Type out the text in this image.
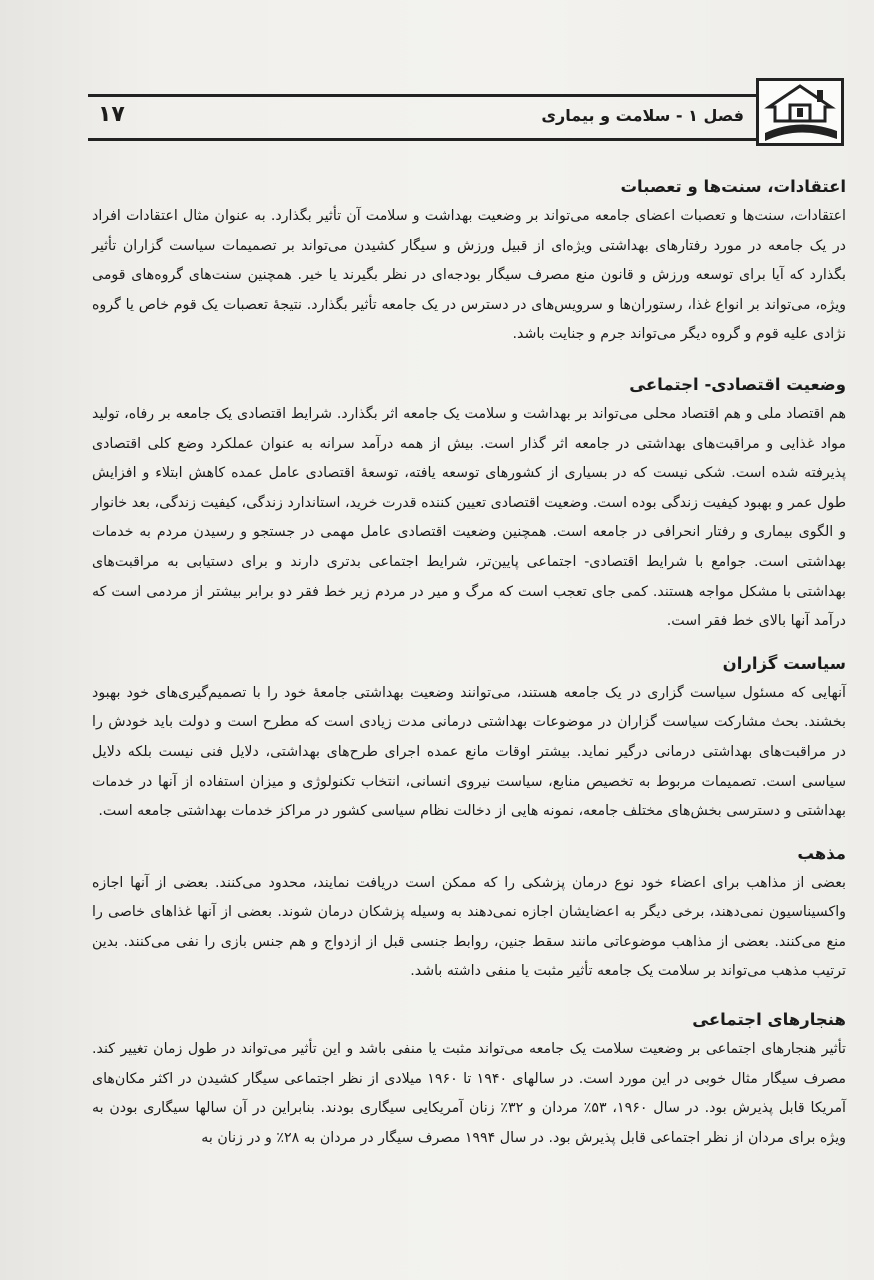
۱۷	فصل ۱ - سلامت و بیماری
اعتقادات، سنت‌ها و تعصبات

اعتقادات، سنت‌ها و تعصبات اعضای جامعه می‌تواند بر وضعیت بهداشت و سلامت آن تأثیر بگذارد. به عنوان مثال اعتقادات افراد در یک جامعه در مورد رفتارهای بهداشتی ویژه‌ای از قبیل ورزش و سیگار کشیدن می‌تواند بر تصمیمات سیاست گزاران تأثیر بگذارد که آیا برای توسعه ورزش و قانون منع مصرف سیگار بودجه‌ای در نظر بگیرند یا خیر. همچنین سنت‌های گروه‌های قومی ویژه، می‌تواند بر انواع غذا، رستوران‌ها و سرویس‌های در دسترس در یک جامعه تأثیر بگذارد. نتیجهٔ تعصبات یک قوم خاص یا گروه نژادی علیه قوم و گروه دیگر می‌تواند جرم و جنایت باشد.

وضعیت اقتصادی- اجتماعی

هم اقتصاد ملی و هم اقتصاد محلی می‌تواند بر بهداشت و سلامت یک جامعه اثر بگذارد. شرایط اقتصادی یک جامعه بر رفاه، تولید مواد غذایی و مراقبت‌های بهداشتی در جامعه اثر گذار است. بیش از همه درآمد سرانه به عنوان عملکرد وضع کلی اقتصادی پذیرفته شده است. شکی نیست که در بسیاری از کشورهای توسعه یافته، توسعهٔ اقتصادی عامل عمده کاهش ابتلاء و افزایش طول عمر و بهبود کیفیت زندگی بوده است. وضعیت اقتصادی تعیین کننده قدرت خرید، استاندارد زندگی، کیفیت زندگی، بعد خانوار و الگوی بیماری و رفتار انحرافی در جامعه است. همچنین وضعیت اقتصادی عامل مهمی در جستجو و رسیدن مردم به خدمات بهداشتی است. جوامع با شرایط اقتصادی- اجتماعی پایین‌تر، شرایط اجتماعی بدتری دارند و برای دستیابی به مراقبت‌های بهداشتی با مشکل مواجه هستند. کمی جای تعجب است که مرگ و میر در مردم زیر خط فقر دو برابر بیشتر از مردمی است که درآمد آنها بالای خط فقر است.

سیاست گزاران

آنهایی که مسئول سیاست گزاری در یک جامعه هستند، می‌توانند وضعیت بهداشتی جامعهٔ خود را با تصمیم‌گیری‌های خود بهبود بخشند. بحث مشارکت سیاست گزاران در موضوعات بهداشتی درمانی مدت زیادی است که مطرح است و دولت باید خودش را در مراقبت‌های بهداشتی درمانی درگیر نماید. بیشتر اوقات مانع عمده اجرای طرح‌های بهداشتی، دلایل فنی نیست بلکه دلایل سیاسی است. تصمیمات مربوط به تخصیص منابع، سیاست نیروی انسانی، انتخاب تکنولوژی و میزان استفاده از آنها در خدمات بهداشتی و دسترسی بخش‌های مختلف جامعه، نمونه هایی از دخالت نظام سیاسی کشور در مراکز خدمات بهداشتی جامعه است.

مذهب

بعضی از مذاهب برای اعضاء خود نوع درمان پزشکی را که ممکن است دریافت نمایند، محدود می‌کنند. بعضی از آنها اجازه واکسیناسیون نمی‌دهند، برخی دیگر به اعضایشان اجازه نمی‌دهند به وسیله پزشکان درمان شوند. بعضی از آنها غذاهای خاصی را منع می‌کنند. بعضی از مذاهب موضوعاتی مانند سقط جنین، روابط جنسی قبل از ازدواج و هم جنس بازی را نفی می‌کنند. بدین ترتیب مذهب می‌تواند بر سلامت یک جامعه تأثیر مثبت یا منفی داشته باشد.

هنجارهای اجتماعی

تأثیر هنجارهای اجتماعی بر وضعیت سلامت یک جامعه می‌تواند مثبت یا منفی باشد و این تأثیر می‌تواند در طول زمان تغییر کند. مصرف سیگار مثال خوبی در این مورد است. در سالهای ۱۹۴۰ تا ۱۹۶۰ میلادی از نظر اجتماعی سیگار کشیدن در اکثر مکان‌های آمریکا قابل پذیرش بود. در سال ۱۹۶۰، ۵۳٪ مردان و ۳۲٪ زنان آمریکایی سیگاری بودند. بنابراین در آن سالها سیگاری بودن به ویژه برای مردان از نظر اجتماعی قابل پذیرش بود. در سال ۱۹۹۴ مصرف سیگار در مردان به ۲۸٪ و در زنان به
